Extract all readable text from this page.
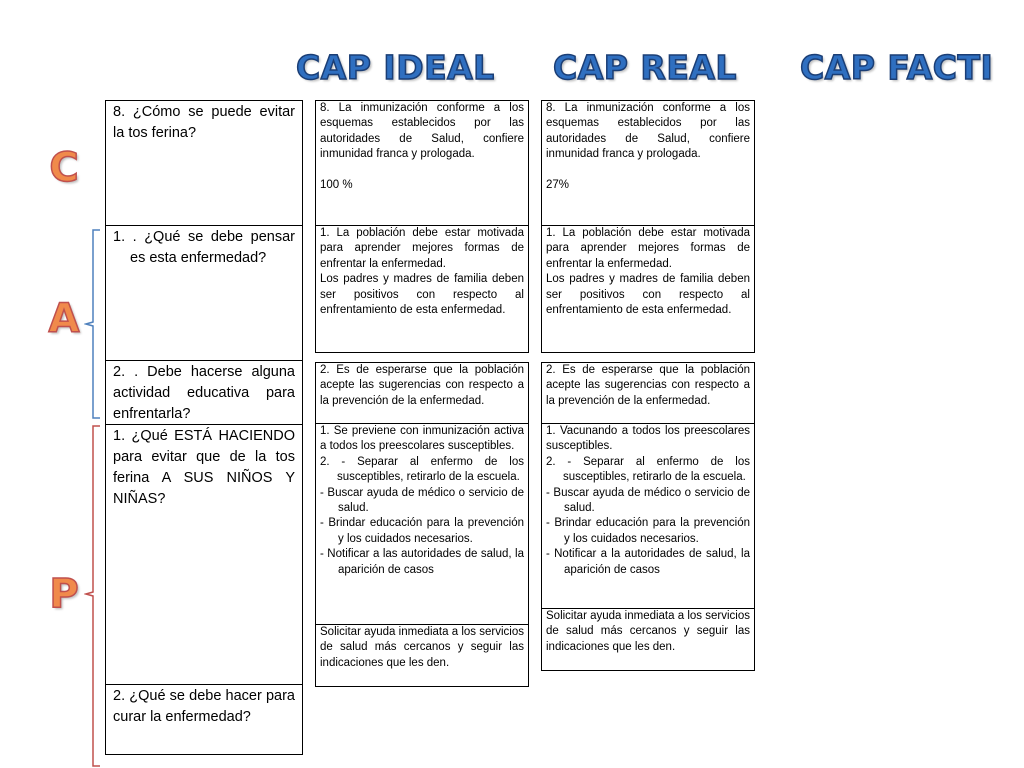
CAP IDEAL CAP REAL CAP FACTI
C
A
P
8. ¿Cómo se puede evitar la tos ferina?
1. . ¿Qué se debe pensar es esta enfermedad?
2. . Debe hacerse alguna actividad educativa para enfrentarla?
1. ¿Qué ESTÁ HACIENDO para evitar que de la tos ferina A SUS NIÑOS Y NIÑAS?
2. ¿Qué se debe hacer para curar la enfermedad?

8. La inmunización conforme a los esquemas establecidos por las autoridades de Salud, confiere inmunidad franca y prologada.

100 %

1. La población debe estar motivada para aprender mejores formas de enfrentar la enfermedad.

Los padres y madres de familia deben ser positivos con respecto al enfrentamiento de esta enfermedad.

2. Es de esperarse que la población acepte las sugerencias con respecto a la prevención de la enfermedad.

1. Se previene con inmunización activa a todos los preescolares susceptibles.

2. - Separar al enfermo de los susceptibles, retirarlo de la escuela.

- Buscar ayuda de médico o servicio de salud.

- Brindar educación para la prevención y los cuidados necesarios.

- Notificar a las autoridades de salud, la aparición de casos

Solicitar ayuda inmediata a los servicios de salud más cercanos y seguir las indicaciones que les den.

8. La inmunización conforme a los esquemas establecidos por las autoridades de Salud, confiere inmunidad franca y prologada.

27%

1. La población debe estar motivada para aprender mejores formas de enfrentar la enfermedad.

Los padres y madres de familia deben ser positivos con respecto al enfrentamiento de esta enfermedad.

2. Es de esperarse que la población acepte las sugerencias con respecto a la prevención de la enfermedad.

1. Vacunando a todos los preescolares susceptibles.

2. - Separar al enfermo de los susceptibles, retirarlo de la escuela.

- Buscar ayuda de médico o servicio de salud.

- Brindar educación para la prevención y los cuidados necesarios.

- Notificar a la autoridades de salud, la aparición de casos

Solicitar ayuda inmediata a los servicios de salud más cercanos y seguir las indicaciones que les den.
